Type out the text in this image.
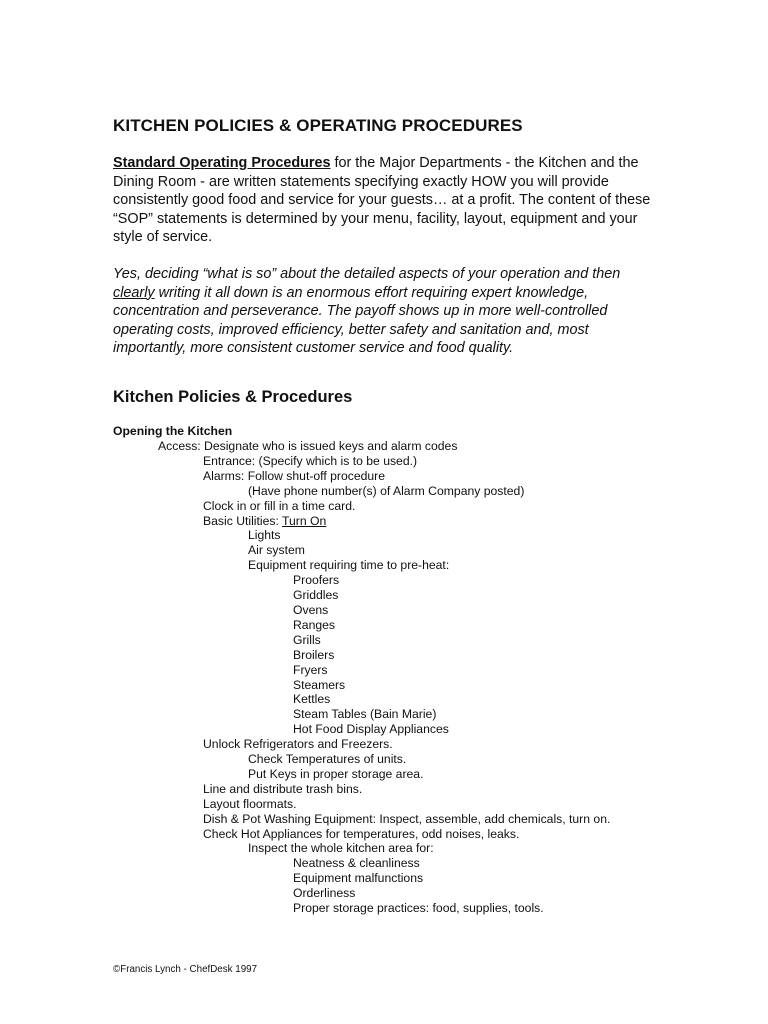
KITCHEN POLICIES & OPERATING PROCEDURES

Standard Operating Procedures for the Major Departments - the Kitchen and the Dining Room - are written statements specifying exactly HOW you will provide consistently good food and service for your guests… at a profit. The content of these “SOP” statements is determined by your menu, facility, layout, equipment and your style of service.

Yes, deciding “what is so” about the detailed aspects of your operation and then clearly writing it all down is an enormous effort requiring expert knowledge, concentration and perseverance. The payoff shows up in more well-controlled operating costs, improved efficiency, better safety and sanitation and, most importantly, more consistent customer service and food quality.

Kitchen Policies & Procedures
Opening the Kitchen
Access: Designate who is issued keys and alarm codes
Entrance: (Specify which is to be used.)
Alarms: Follow shut-off procedure
(Have phone number(s) of Alarm Company posted)
Clock in or fill in a time card.
Basic Utilities: Turn On
Lights
Air system
Equipment requiring time to pre-heat:
Proofers
Griddles
Ovens
Ranges
Grills
Broilers
Fryers
Steamers
Kettles
Steam Tables (Bain Marie)
Hot Food Display Appliances
Unlock Refrigerators and Freezers.
Check Temperatures of units.
Put Keys in proper storage area.
Line and distribute trash bins.
Layout floormats.
Dish & Pot Washing Equipment: Inspect, assemble, add chemicals, turn on.
Check Hot Appliances for temperatures, odd noises, leaks.
Inspect the whole kitchen area for:
Neatness & cleanliness
Equipment malfunctions
Orderliness
Proper storage practices: food, supplies, tools.

©Francis Lynch - ChefDesk 1997
